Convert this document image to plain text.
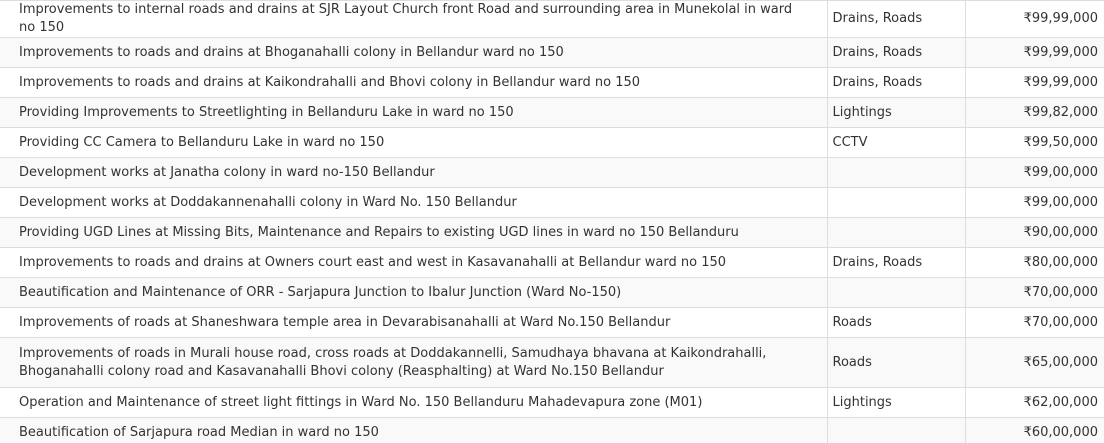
Improvements to internal roads and drains at SJR Layout Church front Road and surrounding area in Munekolal in ward no 150	Drains, Roads	₹99,99,000
Improvements to roads and drains at Bhoganahalli colony in Bellandur ward no 150	Drains, Roads	₹99,99,000
Improvements to roads and drains at Kaikondrahalli and Bhovi colony in Bellandur ward no 150	Drains, Roads	₹99,99,000
Providing Improvements to Streetlighting in Bellanduru Lake in ward no 150	Lightings	₹99,82,000
Providing CC Camera to Bellanduru Lake in ward no 150	CCTV	₹99,50,000
Development works at Janatha colony in ward no-150 Bellandur		₹99,00,000
Development works at Doddakannenahalli colony in Ward No. 150 Bellandur		₹99,00,000
Providing UGD Lines at Missing Bits, Maintenance and Repairs to existing UGD lines in ward no 150 Bellanduru		₹90,00,000
Improvements to roads and drains at Owners court east and west in Kasavanahalli at Bellandur ward no 150	Drains, Roads	₹80,00,000
Beautification and Maintenance of ORR - Sarjapura Junction to Ibalur Junction (Ward No-150)		₹70,00,000
Improvements of roads at Shaneshwara temple area in Devarabisanahalli at Ward No.150 Bellandur	Roads	₹70,00,000
Improvements of roads in Murali house road, cross roads at Doddakannelli, Samudhaya bhavana at Kaikondrahalli, Bhoganahalli colony road and Kasavanahalli Bhovi colony (Reasphalting) at Ward No.150 Bellandur	Roads	₹65,00,000
Operation and Maintenance of street light fittings in Ward No. 150 Bellanduru Mahadevapura zone (M01)	Lightings	₹62,00,000
Beautification of Sarjapura road Median in ward no 150		₹60,00,000
